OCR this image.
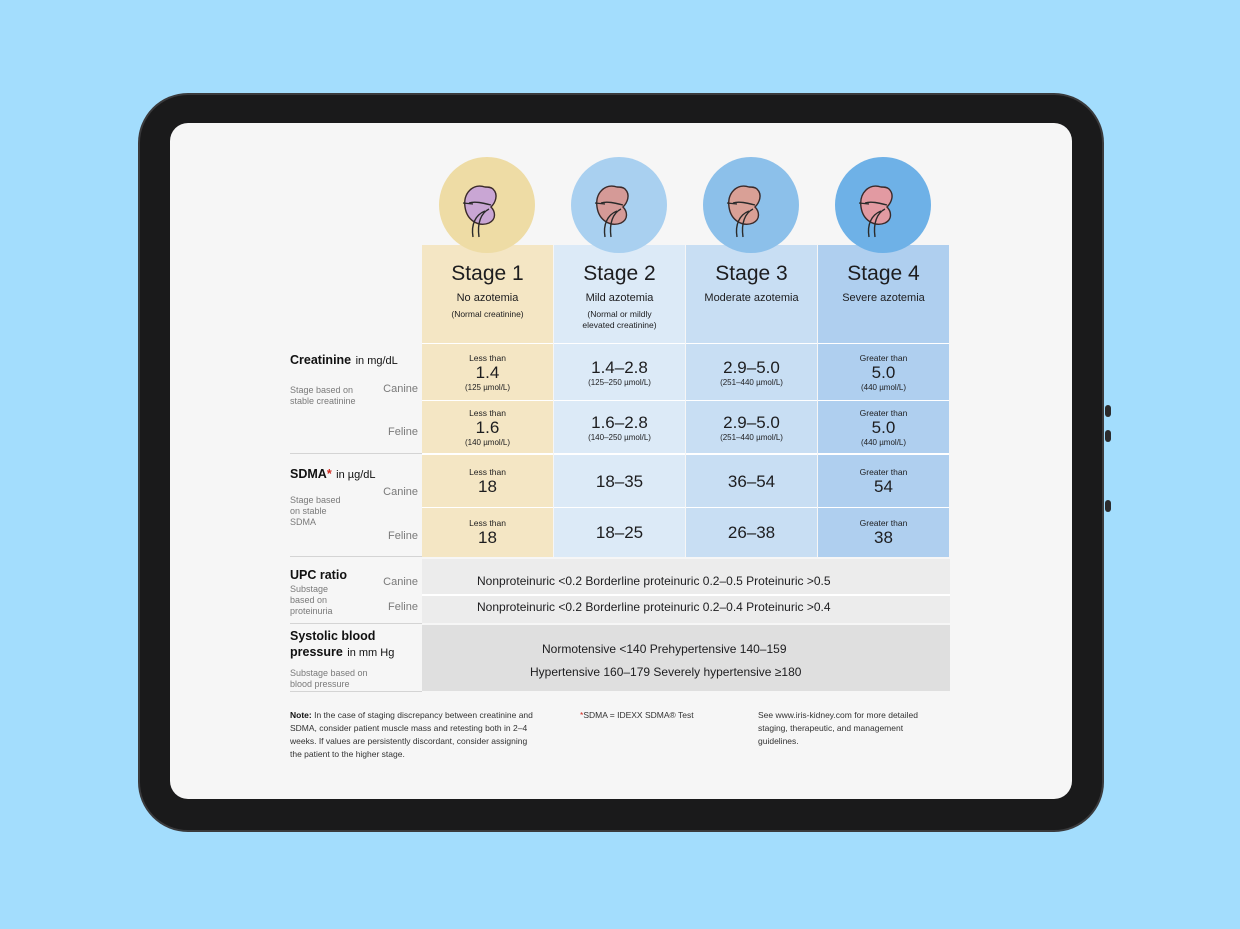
Less than
1.4
(125 µmol/L)
Less than
1.6
(140 µmol/L)
Less than
18
Less than
18
1.4–2.8
(125–250 µmol/L)
1.6–2.8
(140–250 µmol/L)
18–35
18–25
2.9–5.0
(251–440 µmol/L)
2.9–5.0
(251–440 µmol/L)
36–54
26–38
Greater than
5.0
(440 µmol/L)
Greater than
5.0
(440 µmol/L)
Greater than
54
Greater than
38
Stage 1
No azotemia
(Normal creatinine)
Stage 2
Mild azotemia
(Normal or mildly elevated creatinine)
Stage 3
Moderate azotemia
Stage 4
Severe azotemia
Creatinine in mg/dL
Stage based on stable creatinine
Canine
Feline
SDMA* in µg/dL
Stage based on stable SDMA
Canine
Feline
UPC ratio
Substage based on proteinuria
Canine
Feline
Systolic blood pressure in mm Hg
Substage based on blood pressure
Nonproteinuric <0.2 Borderline proteinuric 0.2–0.5 Proteinuric >0.5
Nonproteinuric <0.2 Borderline proteinuric 0.2–0.4 Proteinuric >0.4
Normotensive <140 Prehypertensive 140–159
Hypertensive 160–179 Severely hypertensive ≥180
Note: In the case of staging discrepancy between creatinine and SDMA, consider patient muscle mass and retesting both in 2–4 weeks. If values are persistently discordant, consider assigning the patient to the higher stage.
*SDMA = IDEXX SDMA® Test	See www.iris-kidney.com for more detailed staging, therapeutic, and management guidelines.
